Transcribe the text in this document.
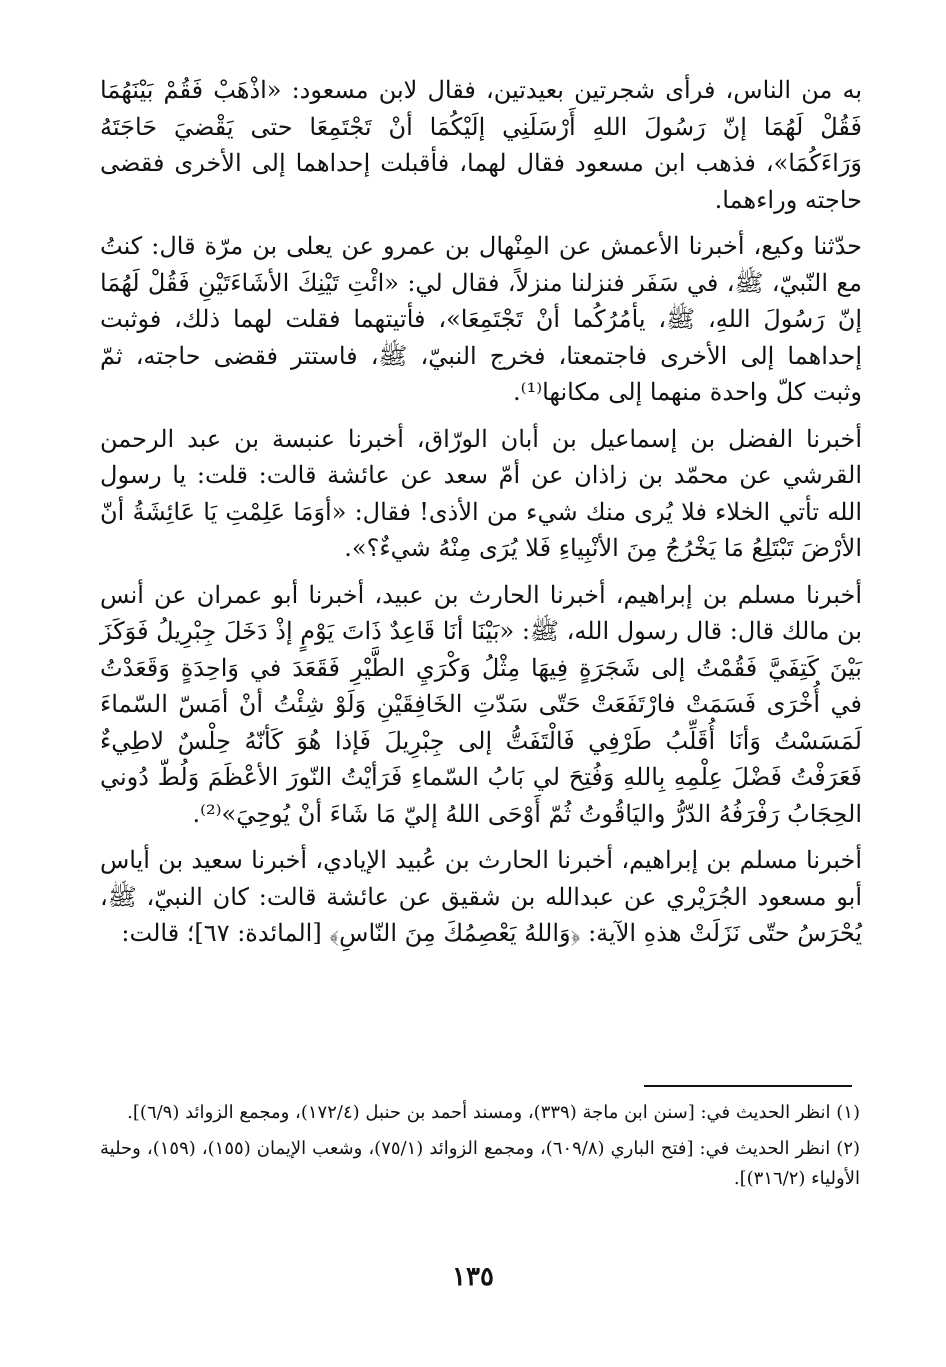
به من الناس، فرأى شجرتين بعيدتين، فقال لابن مسعود: «اذْهَبْ فَقُمْ بَيْنَهُمَا فَقُلْ لَهُمَا إنّ رَسُولَ اللهِ أَرْسَلَنِي إلَيْكُمَا أنْ تَجْتَمِعَا حتى يَقْضيَ حَاجَتَهُ وَرَاءَكُمَا»، فذهب ابن مسعود فقال لهما، فأقبلت إحداهما إلى الأخرى فقضى حاجته وراءهما.

حدّثنا وكيع، أخبرنا الأعمش عن المِنْهال بن عمرو عن يعلى بن مرّة قال: كنتُ مع النّبيّ، ﷺ، في سَفَر فنزلنا منزلاً، فقال لي: «ائْتِ تَيْنِكَ الأشَاءَتَيْنِ فَقُلْ لَهُمَا إنّ رَسُولَ اللهِ، ﷺ، يأمُرُكُما أنْ تَجْتَمِعَا»، فأتيتهما فقلت لهما ذلك، فوثبت إحداهما إلى الأخرى فاجتمعتا، فخرج النبيّ، ﷺ، فاستتر فقضى حاجته، ثمّ وثبت كلّ واحدة منهما إلى مكانها⁽¹⁾.

أخبرنا الفضل بن إسماعيل بن أبان الورّاق، أخبرنا عنبسة بن عبد الرحمن القرشي عن محمّد بن زاذان عن أمّ سعد عن عائشة قالت: قلت: يا رسول الله تأتي الخلاء فلا يُرى منك شيء من الأذى! فقال: «أوَمَا عَلِمْتِ يَا عَائِشَةُ أنّ الأرْضَ تَبْتَلِعُ مَا يَخْرُجُ مِنَ الأنْبِياءِ فَلا يُرَى مِنْهُ شيءٌ؟».

أخبرنا مسلم بن إبراهيم، أخبرنا الحارث بن عبيد، أخبرنا أبو عمران عن أنس بن مالك قال: قال رسول الله، ﷺ: «بَيْنَا أنَا قَاعِدٌ ذَاتَ يَوْمٍ إذْ دَخَلَ جِبْرِيلُ فَوَكَزَ بَيْنَ كَتِفَيَّ فَقُمْتُ إلى شَجَرَةٍ فِيهَا مِثْلُ وَكْرَيِ الطَّيْرِ فَقَعَدَ في وَاحِدَةٍ وَقَعَدْتُ في أُخْرَى فَسَمَتْ فارْتَفَعَتْ حَتّى سَدّتِ الخَافِقَيْنِ وَلَوْ شِئْتُ أنْ أمَسّ السّماءَ لَمَسَسْتُ وَأنَا أُقَلِّبُ طَرْفِي فَالْتَفَتُّ إلى جِبْرِيلَ فَإذا هُوَ كَأنّهُ حِلْسٌ لاطِيءٌ فَعَرَفْتُ فَضْلَ عِلْمِهِ بِاللهِ وَفُتِحَ لي بَابُ السّماءِ فَرَأيْتُ النّورَ الأعْظَمَ وَلُطّ دُوني الحِجَابُ رَفْرَفُهُ الدّرُّ واليَاقُوتُ ثُمّ أَوْحَى اللهُ إليّ مَا شَاءَ أنْ يُوحِيَ»⁽²⁾.

أخبرنا مسلم بن إبراهيم، أخبرنا الحارث بن عُبيد الإيادي، أخبرنا سعيد بن أياس أبو مسعود الجُرَيْري عن عبدالله بن شقيق عن عائشة قالت: كان النبيّ، ﷺ، يُحْرَسُ حتّى نَزَلَتْ هذهِ الآية: ﴿وَاللهُ يَعْصِمُكَ مِنَ النّاسِ﴾ [المائدة: ٦٧]؛ قالت:

(١) انظر الحديث في: [سنن ابن ماجة (٣٣٩)، ومسند أحمد بن حنبل (١٧٢/٤)، ومجمع الزوائد (٦/٩)].

(٢) انظر الحديث في: [فتح الباري (٦٠٩/٨)، ومجمع الزوائد (٧٥/١)، وشعب الإيمان (١٥٥)، (١٥٩)، وحلية الأولياء (٣١٦/٢)].

١٣٥
